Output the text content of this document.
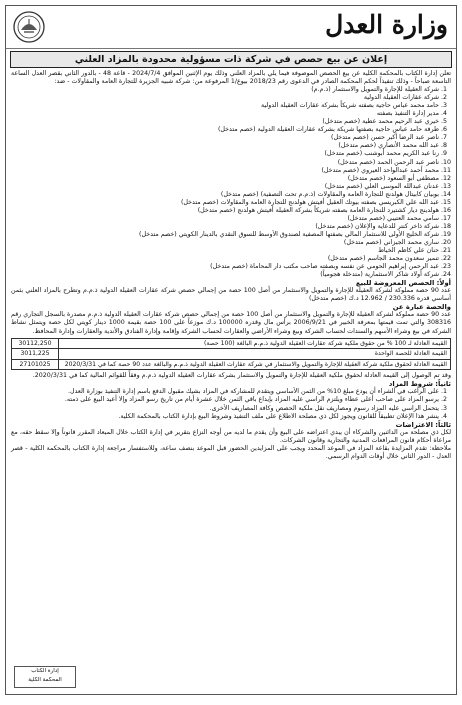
وزارة العدل
إعلان عن بيع حصص في شركة ذات مسؤولية محدودة بالمزاد العلني

تعلن إدارة الكتاب بالمحكمة الكلية عن بيع الحصص الموصوفة فيما يلي بالمزاد العلني وذلك يوم الإثنين الموافق 2024/7/4 - قاعة 48 - بالدور الثاني بقصر العدل الساعة التاسعة صباحاً - وذلك تنفيذاً لحكم المحكمة الصادر في الدعوى رقم 2018/23 بيوع/1 المرفوعة من: شركة شبيه الجزيرة للتجارة العامة والمقاولات - ضد:

1. شركة العقيلة للإجارة والتمويل والاستثمار (ذ.م.م)
2. شركة عقارات العقيلة الدولية
3. حامد محمد عباس حاجية بصفته شريكاً بشركة عقارات العقيلة الدولية
4. مدير إدارة التنفيذ بصفته
5. خيري عبد الرحيم محمد عطية (خصم متدخل)
6. طرفة حامد عباس حاجية بصفتها شريكة بشركة عقارات العقيلة الدولية (خصم متدخل)
7. ناصر عبد الرضا أكبر حسن (خصم متدخل)
8. عبد الله محمد الأنصاري (خصم متدخل)
9. رنا عبد الكريم محمد أبوشنب (خصم متدخل)
10. ناصر عبد الرحمن الحمد (خصم متدخل)
11. محمد أحمد عبدالواحد العيروي (خصم متدخل)
12. مصطفى أبو السعود (خصم متدخل)
13. عدنان عبدالله الموسى العلي (خصم متدخل)
14. بوبيان كابيتال هولدنج للتجارة العامة والمقاولات (ذ.م.م تحت التصفية) (خصم متدخل)
15. عبد الله علي الكبريسي بصفته بيوتك العقيل أفيتش هولدنج للتجارة العامة والمقاولات (خصم متدخل)
16. هولدينج ديار كشتيرد للتجارة العامة بصفته شريكاً بشركة العقيلة أفيتش هولدنج (خصم متدخل)
17. سامي محمد العتيبي (خصم متدخل)
18. شركة ذاخر كنتر للدعاية والإعلان (خصم متدخل)
19. شركة الخليج الأولى للاستثمار المالي بصفتها المصفية لصندوق الأوسط للسوق النقدي بالدينار الكويتي (خصم متدخل)
20. ساري محمد الجيزاني (خصم متدخل)
21. حنان علي كاظم الخياط
22. تنمير سعدون محمد الجاسم (خصم متدخل)
23. عبد الرحمن إبراهيم الحومي عن نفسه وبصفته صاحب مكتب دار المحاماة (خصم متدخل)
24. شركة أولاد شاكر الاستثمارية (متدخلة هجومياً)

أولاً: الحصص المعروضة للبيع

عدد 90 حصة مملوكة لشركة العقيلة للإجارة والتمويل والاستثمار من أصل 100 حصة من إجمالي حصص شركة عقارات العقيلة الدولية ذ.م.م وتطرح بالمزاد العلني بثمن أساسي قدره 230.336 / 12.962 د.ك (خصم متدخل)

والحصة عبارة عن

عدد 90 حصة مملوكة لشركة العقيلة للإجارة والتمويل والاستثمار من أصل 100 حصة من إجمالي حصص شركة عقارات العقيلة الدولية ذ.م.م مصدرة بالسجل التجاري رقم 308316 والتي تمت قيمتها بمعرفة الخبير في 2006/9/21 برأس مال وقدره 100000 د.ك موزعاً على 100 حصة بقيمة 1000 دينار كويتي لكل حصة ويتمثل نشاط الشركة في بيع وشراء الأسهم والسندات لحساب الشركة وبيع وشراء الأراضي والعقارات لحساب الشركة وإقامة وإدارة الفنادق والأندية والعقارات وإدارة المحافظ.

القيمة العادلة لـ 100 % من حقوق ملكية شركة عقارات العقيلة الدولية ذ.م.م البالغة (100 حصة)	30112,250
القيمة العادلة للحصة الواحدة	3011,225
القيمة العادلة لحقوق ملكية شركة العقيلة للإجارة والتمويل والاستثمار في شركة عقارات العقيلة الدولية ذ.م.م والبالغة عدد 90 حصة كما في 2020/3/31	27101025

وقد تم الوصول إلى القيمة العادلة لحقوق ملكية العقيلة للإجارة والتمويل والاستثمار بشركة عقارات العقيلة الدولية ذ.م.م وفقاً للقوائم المالية كما في 2020/3/31.

ثانياً: شروط المزاد

1. على الراغب في الشراء أن يودع مبلغ 10% من الثمن الأساسي ويتقدم للمشاركة في المزاد بشيك مقبول الدفع باسم إدارة التنفيذ بوزارة العدل.
2. يرسو المزاد على صاحب أعلى عطاء ويلتزم الراسي عليه المزاد بإيداع باقي الثمن خلال عشرة أيام من تاريخ رسو المزاد وإلا أعيد البيع على ذمته.
3. يتحمل الراسي عليه المزاد رسوم ومصاريف نقل ملكية الحصص وكافة المصاريف الأخرى.
4. ينشر هذا الإعلان تطبيقاً للقانون ويجوز لكل ذي مصلحة الاطلاع على ملف التنفيذ وشروط البيع بإدارة الكتاب بالمحكمة الكلية.

ثالثاً: الاعتراضات

لكل ذي مصلحة من الدائنين والشركاء أن يبدي اعتراضه على البيع وأن يقدم ما لديه من أوجه النزاع بتقرير في إدارة الكتاب خلال الميعاد المقرر قانوناً وإلا سقط حقه، مع مراعاة أحكام قانون المرافعات المدنية والتجارية وقانون الشركات.

ملاحظة: تقدم المزايدة بقاعة المزاد في الموعد المحدد ويجب على المزايدين الحضور قبل الموعد بنصف ساعة، وللاستفسار مراجعة إدارة الكتاب بالمحكمة الكلية - قصر العدل - الدور الثاني خلال أوقات الدوام الرسمي.

إدارة الكتاب
المحكمة الكلية
